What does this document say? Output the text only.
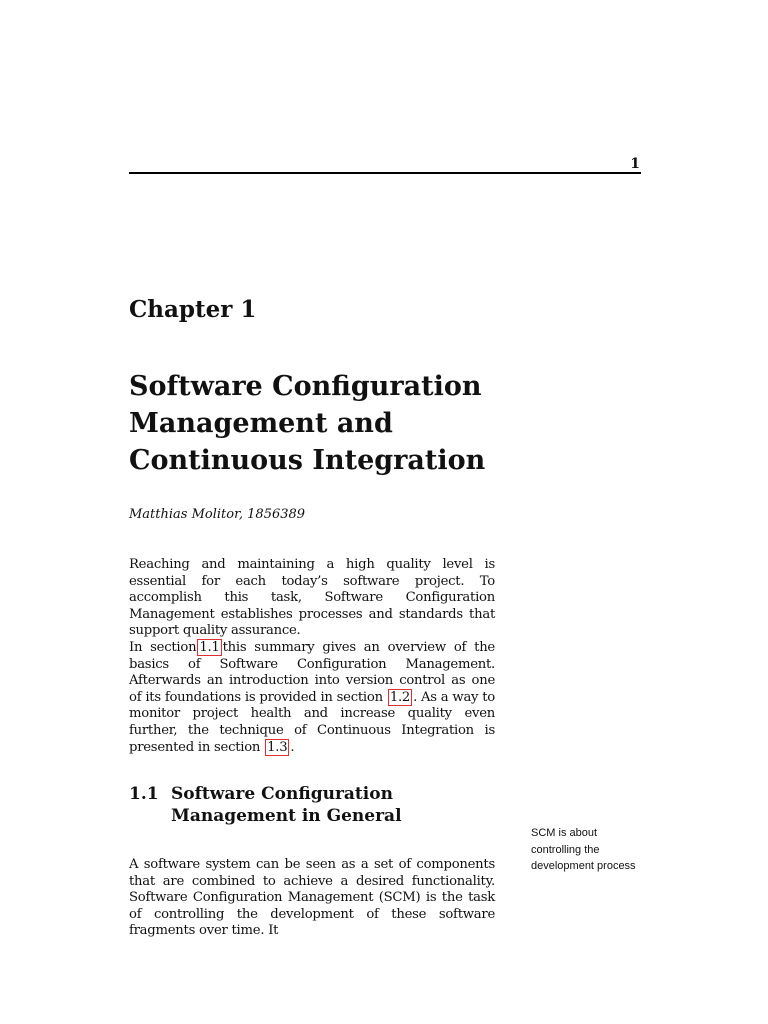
1
Chapter 1
Software Configuration
Management and
Continuous Integration
Matthias Molitor, 1856389

Reaching and maintaining a high quality level is essential for each today’s software project. To accomplish this task, Software Configuration Management establishes processes and standards that support quality assurance.

In section 1.1 this summary gives an overview of the basics of Software Configuration Management. Afterwards an introduction into version control as one of its foundations is provided in section 1.2 . As a way to monitor project health and increase quality even further, the technique of Continuous Integration is presented in section 1.3 .

1.1 Software Configuration Management in General
SCM is about
controlling the
development process

A software system can be seen as a set of components that are combined to achieve a desired functionality. Software Configuration Management (SCM) is the task of controlling the development of these software fragments over time. It
